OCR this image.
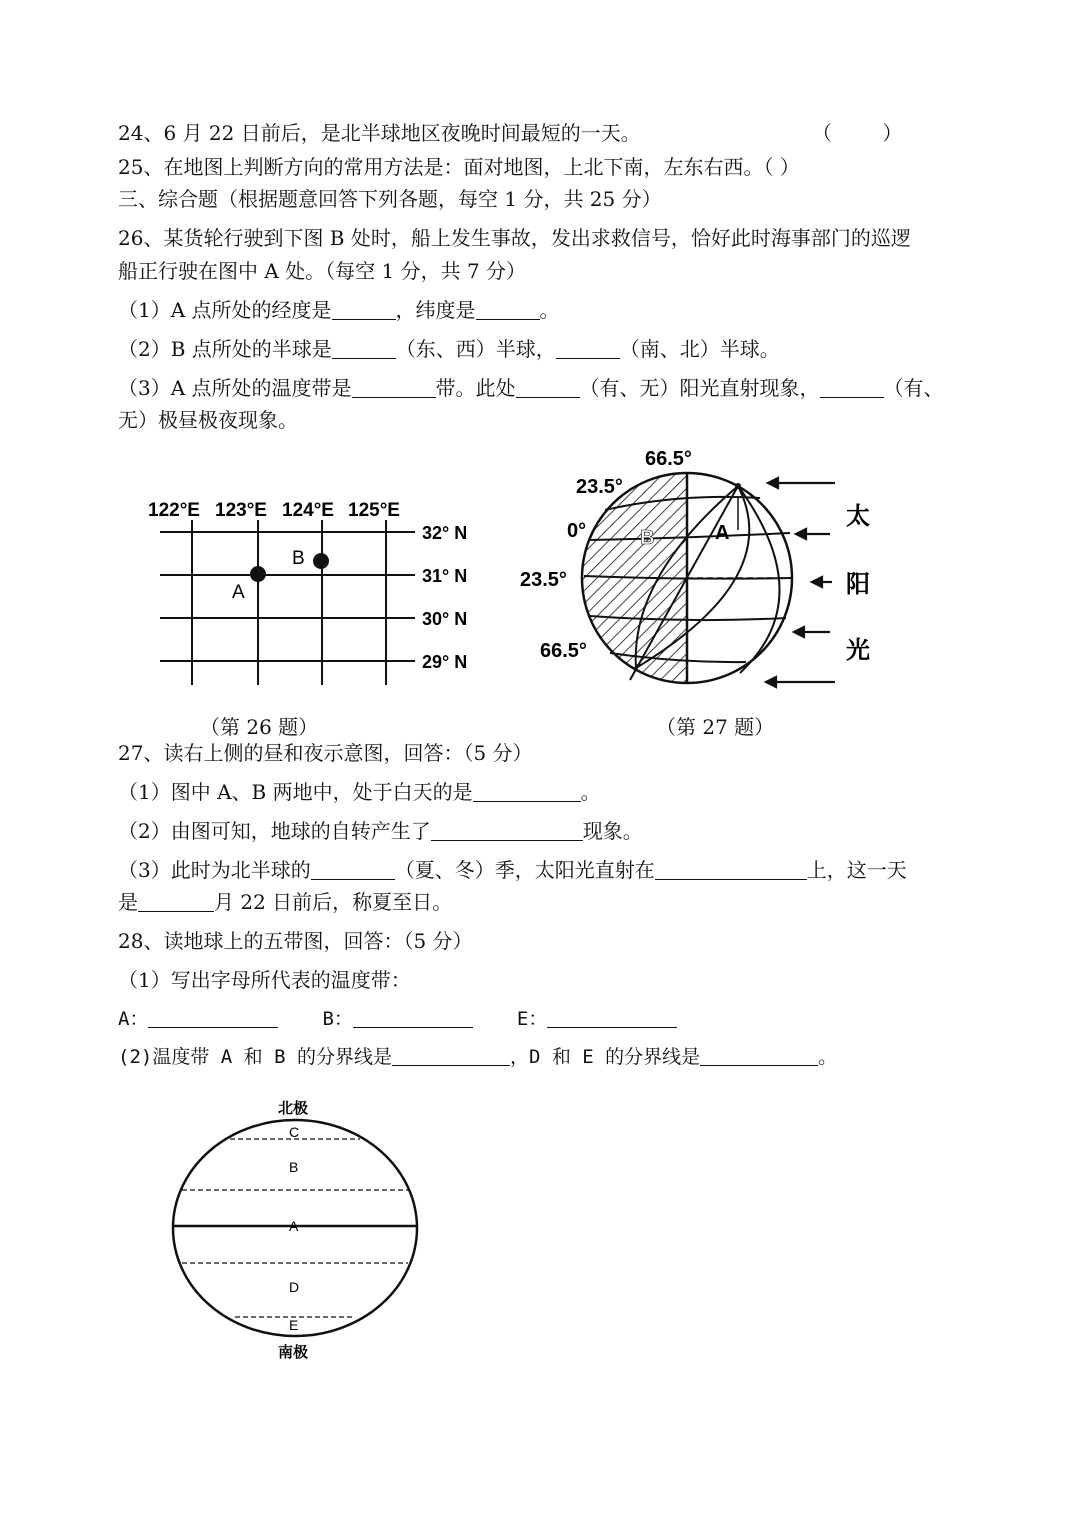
24、6 月 22 日前后，是北半球地区夜晚时间最短的一天。	（ ）
25、在地图上判断方向的常用方法是：面对地图，上北下南，左东右西。（ ）
三、综合题（根据题意回答下列各题，每空 1 分，共 25 分）
26、某货轮行驶到下图 B 处时，船上发生事故，发出求救信号，恰好此时海事部门的巡逻
船正行驶在图中 A 处。（每空 1 分，共 7 分）
（1）A 点所处的经度是	，纬度是	。
（2）B 点所处的半球是	（东、西）半球，	（南、北）半球。
（3）A 点所处的温度带是	带。此处	（有、无）阳光直射现象，	（有、
无）极昼极夜现象。
122°E 123°E 124°E 125°E
32° N
31° N
30° N
29° N
A
B
（第 26 题）
66.5°
23.5°
0°
23.5°
66.5°
B	A
太
阳
光
（第 27 题）
27、读右上侧的昼和夜示意图，回答：（5 分）
（1）图中 A、B 两地中，处于白天的是	。
（2）由图可知，地球的自转产生了	现象。
（3）此时为北半球的	（夏、冬）季，太阳光直射在	上，这一天
是	月 22 日前后，称夏至日。
28、读地球上的五带图，回答：（5 分）
（1）写出字母所代表的温度带：
A：	B：	E：
(2)温度带 A 和 B 的分界线是	，D 和 E 的分界线是	。
北极
C
B
A
D
E
南极
